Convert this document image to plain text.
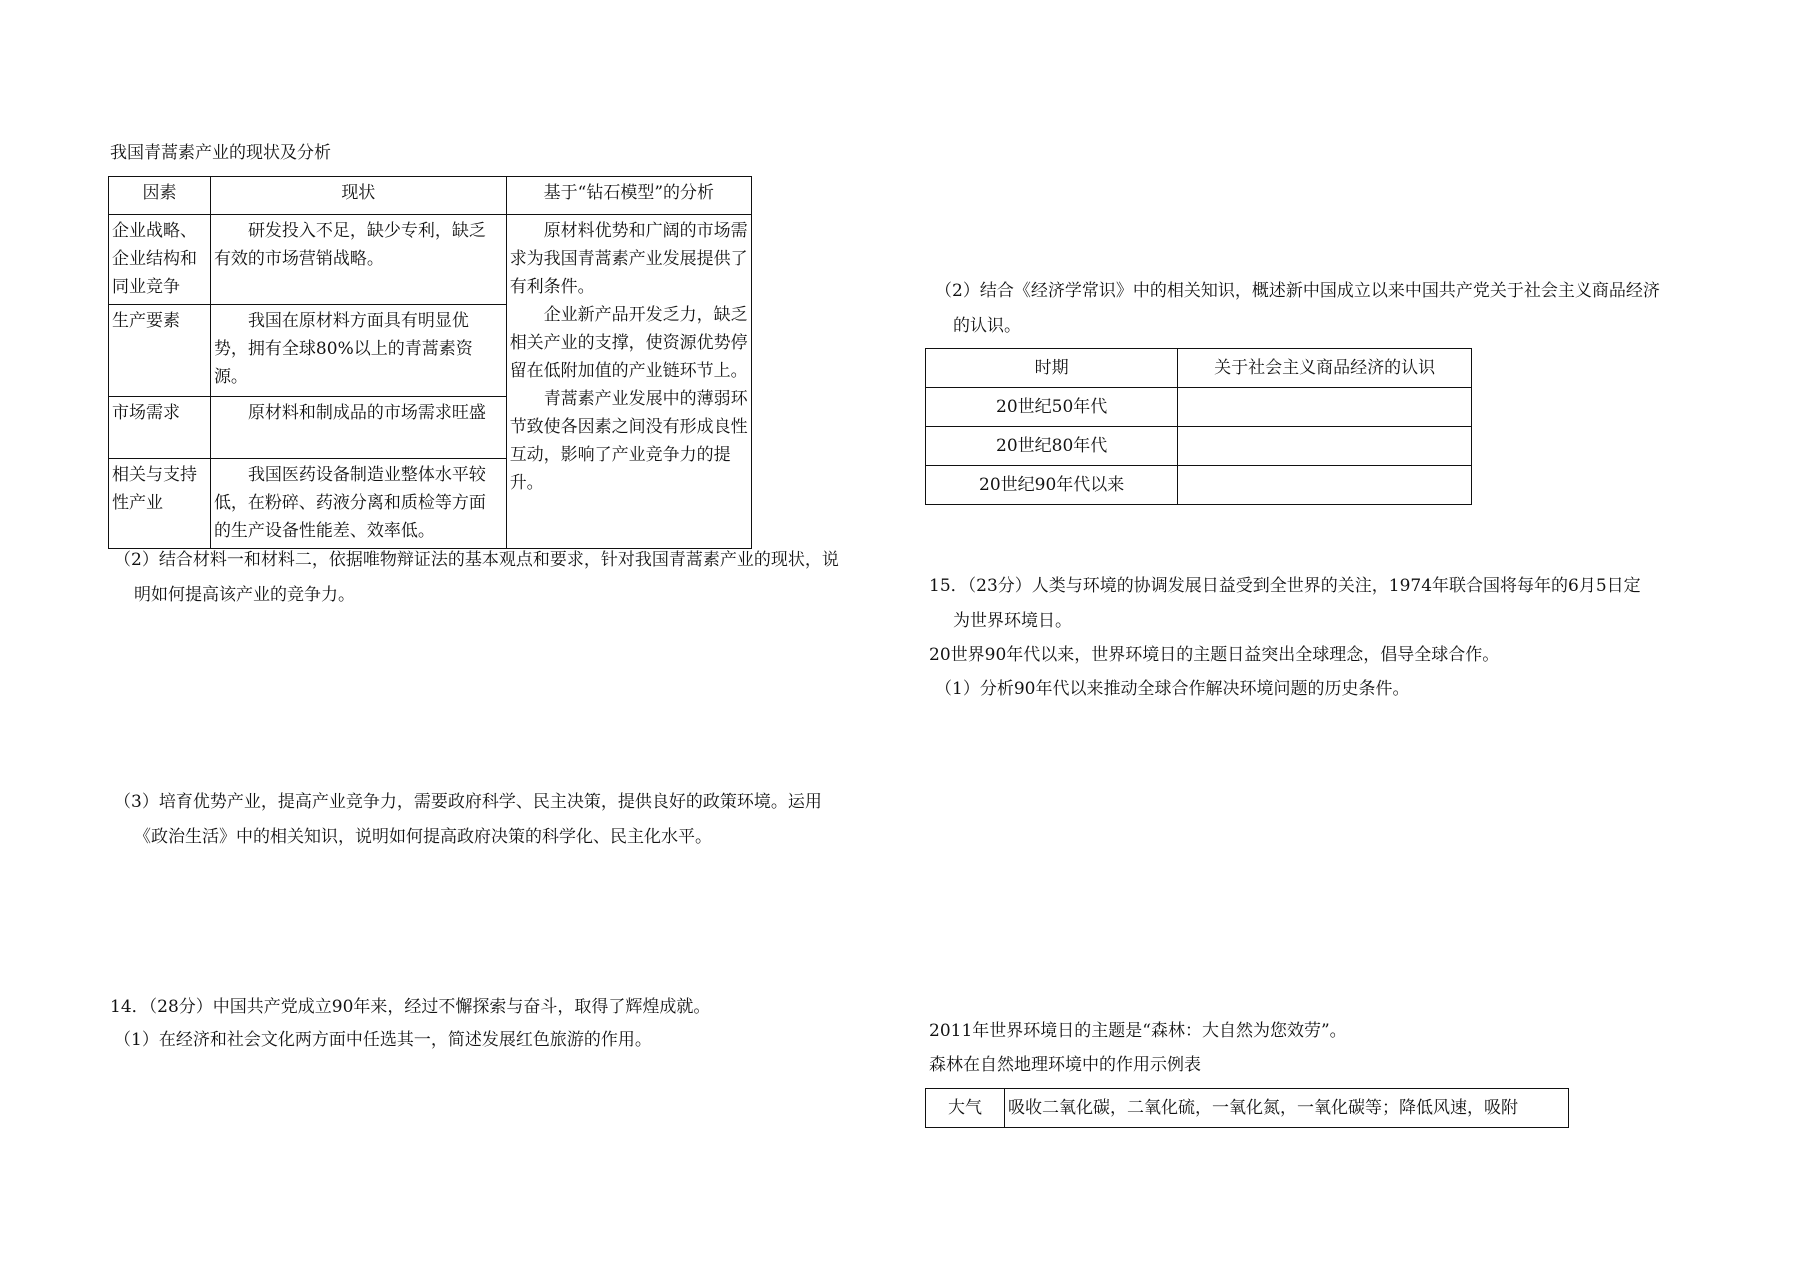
我国青蒿素产业的现状及分析
因素	现状	基于“钻石模型”的分析
企业战略、企业结构和同业竞争	研发投入不足，缺少专利，缺乏有效的市场营销战略。	原材料优势和广阔的市场需求为我国青蒿素产业发展提供了有利条件。
企业新产品开发乏力，缺乏相关产业的支撑，使资源优势停留在低附加值的产业链环节上。
青蒿素产业发展中的薄弱环节致使各因素之间没有形成良性互动，影响了产业竞争力的提升。

生产要素	我国在原材料方面具有明显优势，拥有全球80%以上的青蒿素资源。	
市场需求	原材料和制成品的市场需求旺盛	
相关与支持性产业	我国医药设备制造业整体水平较低，在粉碎、药液分离和质检等方面的生产设备性能差、效率低。	
（2）结合材料一和材料二，依据唯物辩证法的基本观点和要求，针对我国青蒿素产业的现状，说
明如何提高该产业的竞争力。
（3）培育优势产业，提高产业竞争力，需要政府科学、民主决策，提供良好的政策环境。运用
《政治生活》中的相关知识，说明如何提高政府决策的科学化、民主化水平。
14．（28分）中国共产党成立90年来，经过不懈探索与奋斗，取得了辉煌成就。
（1）在经济和社会文化两方面中任选其一，简述发展红色旅游的作用。
（2）结合《经济学常识》中的相关知识，概述新中国成立以来中国共产党关于社会主义商品经济
的认识。
时期	关于社会主义商品经济的认识
20世纪50年代	
20世纪80年代	
20世纪90年代以来	
15．（23分）人类与环境的协调发展日益受到全世界的关注，1974年联合国将每年的6月5日定
为世界环境日。
20世界90年代以来，世界环境日的主题日益突出全球理念，倡导全球合作。
（1）分析90年代以来推动全球合作解决环境问题的历史条件。
2011年世界环境日的主题是“森林：大自然为您效劳”。
森林在自然地理环境中的作用示例表
大气	吸收二氧化碳，二氧化硫，一氧化氮，一氧化碳等；降低风速，吸附
